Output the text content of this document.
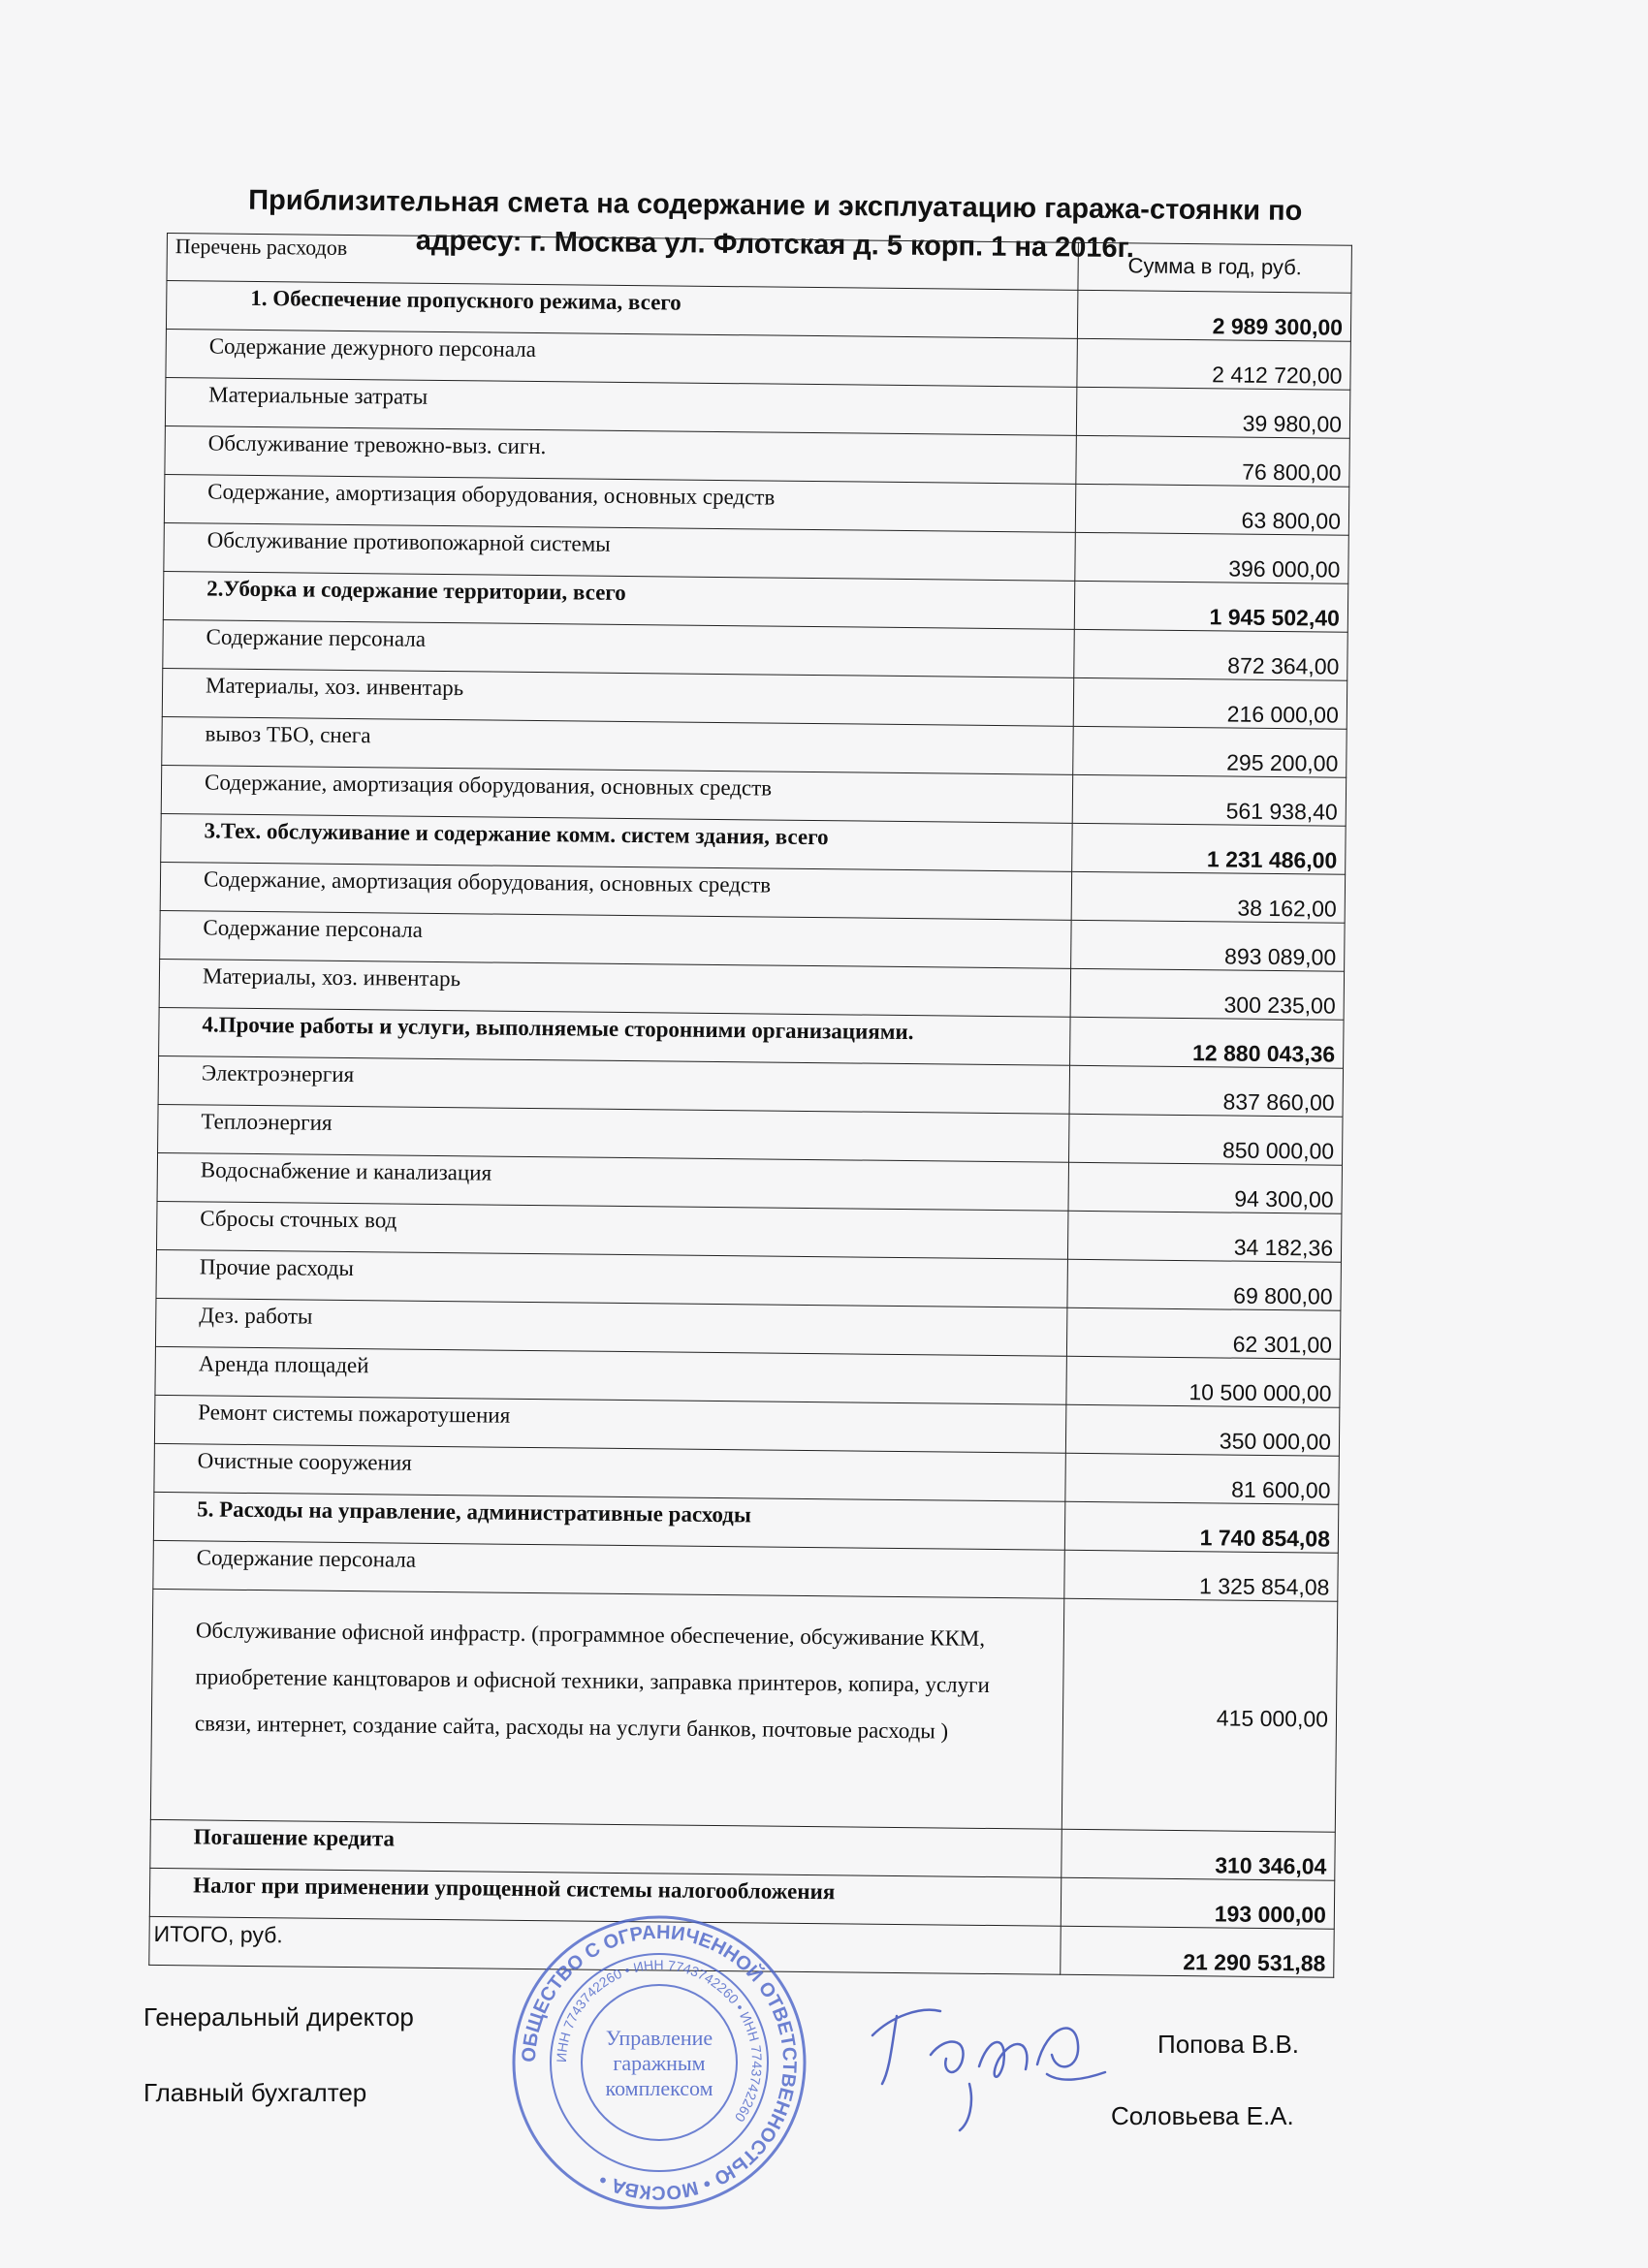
Приблизительная смета на содержание и эксплуатацию гаража-стоянки по
адресу: г. Москва ул. Флотская д. 5 корп. 1 на 2016г.
Перечень расходов	Сумма в год, руб.
1. Обеспечение пропускного режима, всего	2 989 300,00
Содержание дежурного персонала	2 412 720,00
Материальные затраты	39 980,00
Обслуживание тревожно-выз. сигн.	76 800,00
Содержание, амортизация оборудования, основных средств	63 800,00
Обслуживание противопожарной системы	396 000,00
2.Уборка и содержание территории, всего	1 945 502,40
Содержание персонала	872 364,00
Материалы, хоз. инвентарь	216 000,00
вывоз ТБО, снега	295 200,00
Содержание, амортизация оборудования, основных средств	561 938,40
3.Тех. обслуживание и содержание комм. систем здания, всего	1 231 486,00
Содержание, амортизация оборудования, основных средств	38 162,00
Содержание персонала	893 089,00
Материалы, хоз. инвентарь	300 235,00
4.Прочие работы и услуги, выполняемые сторонними организациями.	12 880 043,36
Электроэнергия	837 860,00
Теплоэнергия	850 000,00
Водоснабжение и канализация	94 300,00
Сбросы сточных вод	34 182,36
Прочие расходы	69 800,00
Дез. работы	62 301,00
Аренда площадей	10 500 000,00
Ремонт системы пожаротушения	350 000,00
Очистные сооружения	81 600,00
5. Расходы на управление, административные расходы	1 740 854,08
Содержание персонала	1 325 854,08
Обслуживание офисной инфрастр. (программное обеспечение, обсуживание ККМ, приобретение канцтоваров и офисной техники, заправка принтеров, копира, услуги связи, интернет, создание сайта, расходы на услуги банков, почтовые расходы )	415 000,00
Погашение кредита	310 346,04
Налог при применении упрощенной системы налогообложения	193 000,00
ИТОГО, руб.	21 290 531,88
Генеральный директор
Попова В.В.
Главный бухгалтер
Соловьева Е.А.
ОБЩЕСТВО С ОГРАНИЧЕННОЙ ОТВЕТСТВЕННОСТЬЮ • МОСКВА •
ИНН 7743742260 • ИНН 7743742260 • ИНН 7743742260
Управление
гаражным
комплексом
